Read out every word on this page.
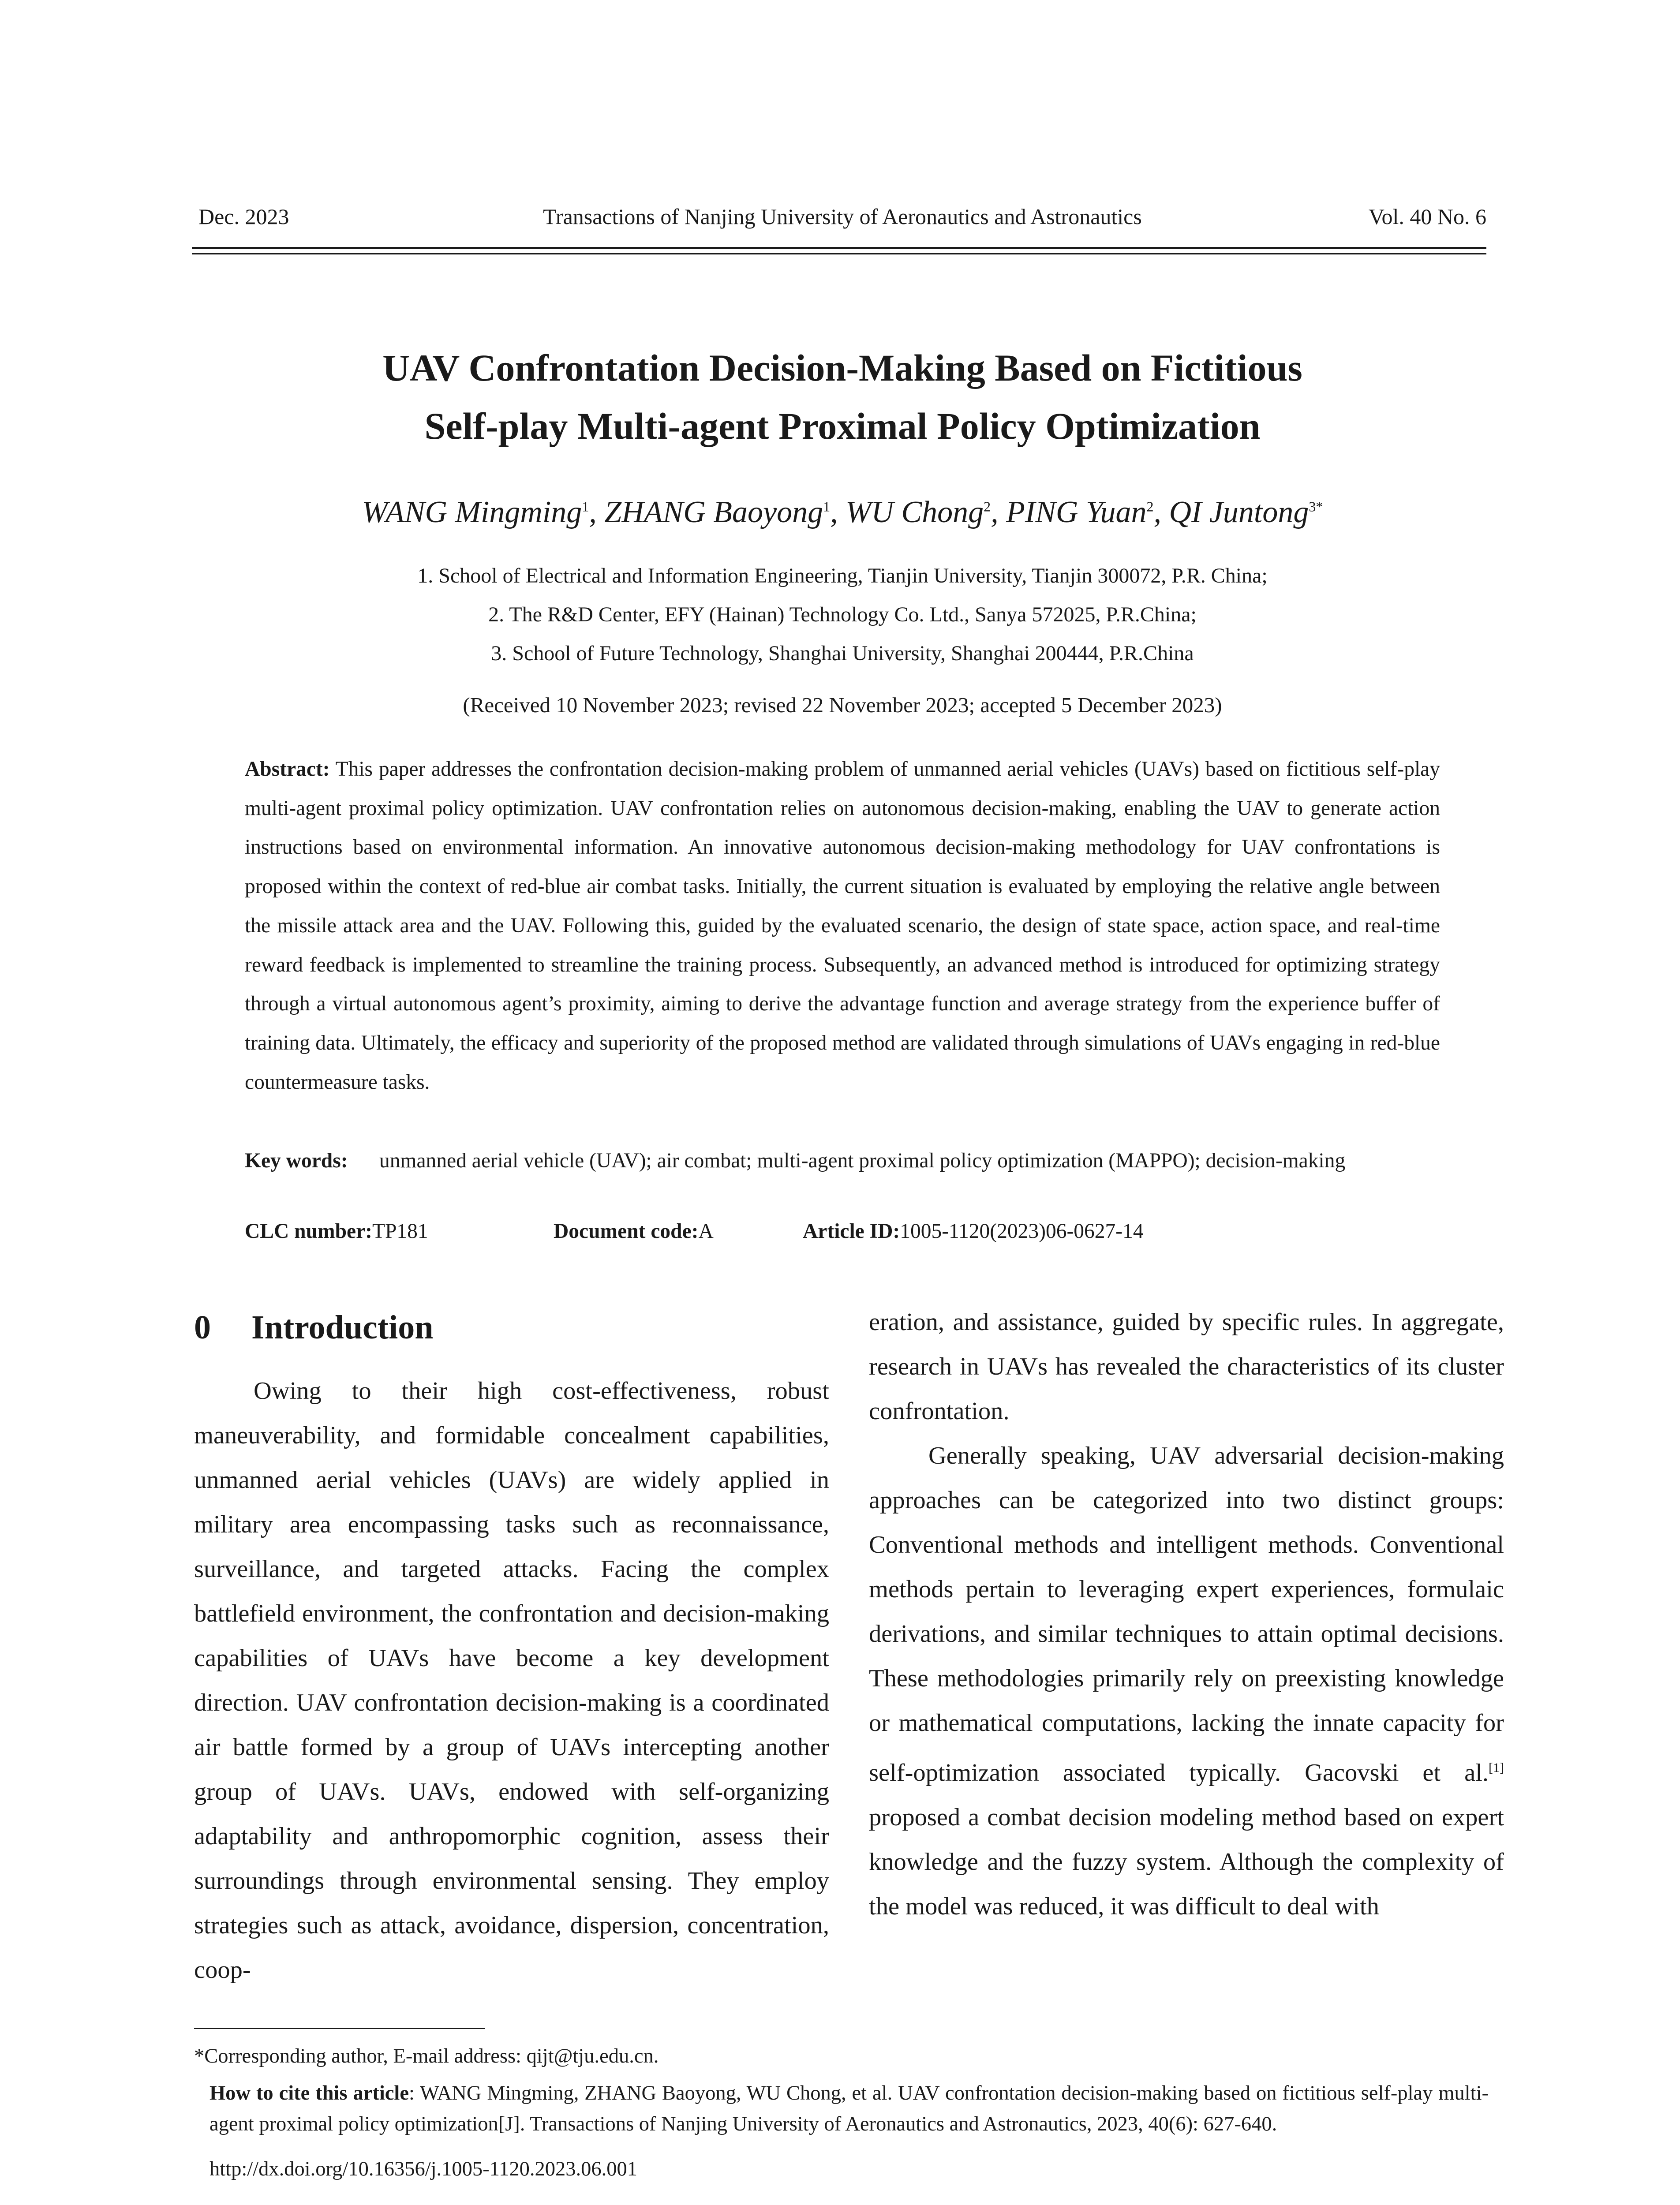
Transactions of Nanjing University of Aeronautics and Astronautics
Dec. 2023	Vol. 40 No. 6
UAV Confrontation Decision-Making Based on Fictitious
Self-play Multi-agent Proximal Policy Optimization
WANG Mingming$^1$, ZHANG Baoyong$^1$, WU Chong$^2$, PING Yuan$^2$, QI Juntong$^{3*}$
1. School of Electrical and Information Engineering, Tianjin University, Tianjin 300072, P.R. China;
2. The R&D Center, EFY (Hainan) Technology Co. Ltd., Sanya 572025, P.R.China;
3. School of Future Technology, Shanghai University, Shanghai 200444, P.R.China
(Received 10 November 2023; revised 22 November 2023; accepted 5 December 2023)
Abstract: This paper addresses the confrontation decision-making problem of unmanned aerial vehicles (UAVs) based on fictitious self-play multi-agent proximal policy optimization. UAV confrontation relies on autonomous decision-making, enabling the UAV to generate action instructions based on environmental information. An innovative autonomous decision-making methodology for UAV confrontations is proposed within the context of red-blue air combat tasks. Initially, the current situation is evaluated by employing the relative angle between the missile attack area and the UAV. Following this, guided by the evaluated scenario, the design of state space, action space, and real-time reward feedback is implemented to streamline the training process. Subsequently, an advanced method is introduced for optimizing strategy through a virtual autonomous agent’s proximity, aiming to derive the advantage function and average strategy from the experience buffer of training data. Ultimately, the efficacy and superiority of the proposed method are validated through simulations of UAVs engaging in red-blue countermeasure tasks.
Key words: unmanned aerial vehicle (UAV); air combat; multi-agent proximal policy optimization (MAPPO); decision-making
CLC number:TP181	Document code:A	Article ID:1005-1120(2023)06-0627-14
0 Introduction

Owing to their high cost-effectiveness, robust maneuverability, and formidable concealment capabilities, unmanned aerial vehicles (UAVs) are widely applied in military area encompassing tasks such as reconnaissance, surveillance, and targeted attacks. Facing the complex battlefield environment, the confrontation and decision-making capabilities of UAVs have become a key development direction. UAV confrontation decision-making is a coordinated air battle formed by a group of UAVs intercepting another group of UAVs. UAVs, endowed with self-organizing adaptability and anthropomorphic cognition, assess their surroundings through environmental sensing. They employ strategies such as attack, avoidance, dispersion, concentration, coop-

eration, and assistance, guided by specific rules. In aggregate, research in UAVs has revealed the characteristics of its cluster confrontation.

Generally speaking, UAV adversarial decision-making approaches can be categorized into two distinct groups: Conventional methods and intelligent methods. Conventional methods pertain to leveraging expert experiences, formulaic derivations, and similar techniques to attain optimal decisions. These methodologies primarily rely on preexisting knowledge or mathematical computations, lacking the innate capacity for self-optimization associated typically. Gacovski et al.[1] proposed a combat decision modeling method based on expert knowledge and the fuzzy system. Although the complexity of the model was reduced, it was difficult to deal with

*Corresponding author, E-mail address: qijt@tju.edu.cn.

How to cite this article: WANG Mingming, ZHANG Baoyong, WU Chong, et al. UAV confrontation decision-making based on fictitious self-play multi-agent proximal policy optimization[J]. Transactions of Nanjing University of Aeronautics and Astronautics, 2023, 40(6): 627-640.

http://dx.doi.org/10.16356/j.1005-1120.2023.06.001
